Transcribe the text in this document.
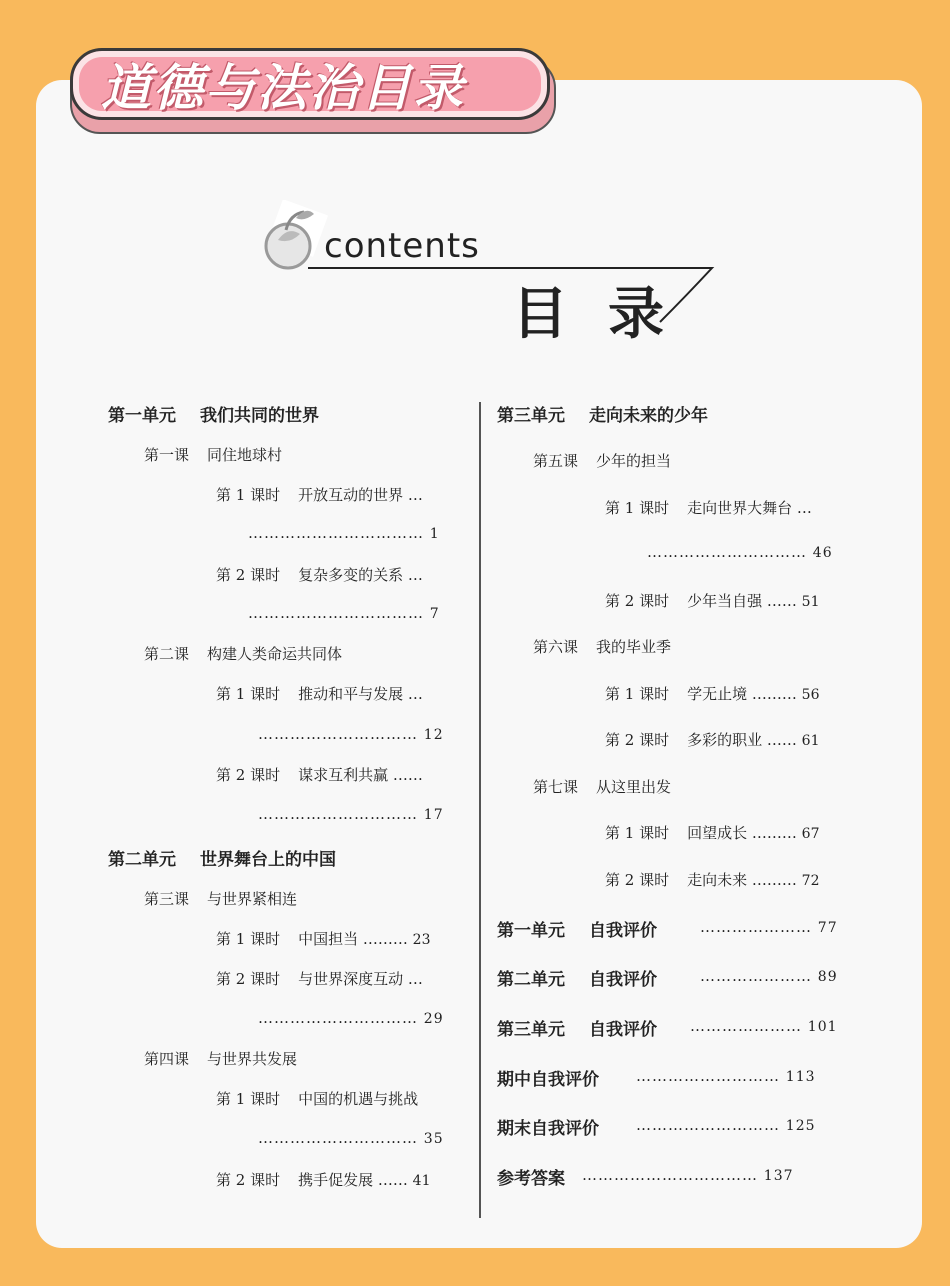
道德与法治目录
contents
目录
第一单元 我们共同的世界
第一课 同住地球村
第 1 课时 开放互动的世界 …
…………………………… 1
第 2 课时 复杂多变的关系 …
…………………………… 7
第二课 构建人类命运共同体
第 1 课时 推动和平与发展 …
………………………… 12
第 2 课时 谋求互利共赢 ……
………………………… 17
第二单元 世界舞台上的中国
第三课 与世界紧相连
第 1 课时 中国担当 ……… 23
第 2 课时 与世界深度互动 …
………………………… 29
第四课 与世界共发展
第 1 课时 中国的机遇与挑战
………………………… 35
第 2 课时 携手促发展 …… 41
第三单元 走向未来的少年
第五课 少年的担当
第 1 课时 走向世界大舞台 …
………………………… 46
第 2 课时 少年当自强 …… 51
第六课 我的毕业季
第 1 课时 学无止境 ……… 56
第 2 课时 多彩的职业 …… 61
第七课 从这里出发
第 1 课时 回望成长 ……… 67
第 2 课时 走向未来 ……… 72
第一单元 自我评价	………………… 77
第二单元 自我评价	………………… 89
第三单元 自我评价 ………………… 101
期中自我评价 ……………………… 113
期末自我评价 ……………………… 125
参考答案 …………………………… 137
